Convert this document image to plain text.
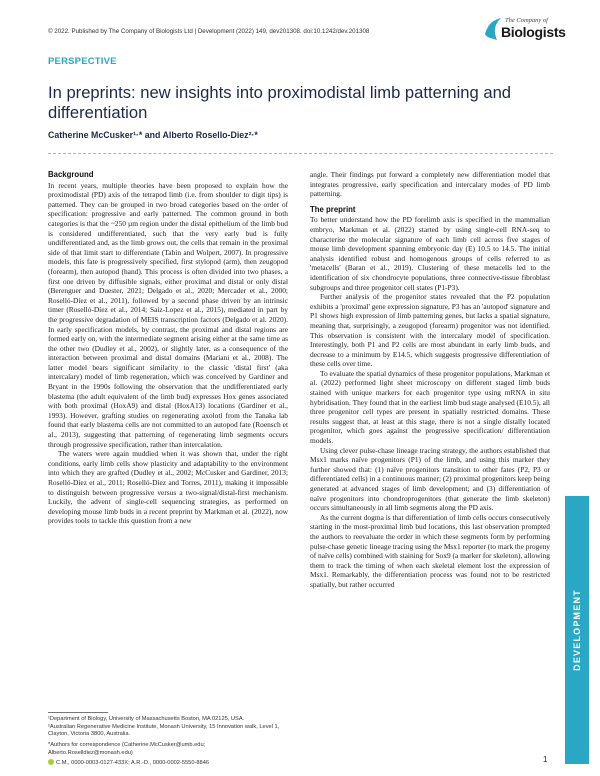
© 2022. Published by The Company of Biologists Ltd | Development (2022) 149, dev201308. doi:10.1242/dev.201308
The Company of
Biologists
PERSPECTIVE
In preprints: new insights into proximodistal limb patterning and differentiation
Catherine McCusker¹·* and Alberto Rosello-Diez²·*
Background

In recent years, multiple theories have been proposed to explain how the proximodistal (PD) axis of the tetrapod limb (i.e. from shoulder to digit tips) is patterned. They can be grouped in two broad categories based on the order of specification: progressive and early patterned. The common ground in both categories is that the ~250 µm region under the distal epithelium of the limb bud is considered undifferentiated, such that the very early bud is fully undifferentiated and, as the limb grows out, the cells that remain in the proximal side of that limit start to differentiate (Tabin and Wolpert, 2007). In progressive models, this fate is progressively specified, first stylopod (arm), then zeugopod (forearm), then autopod (hand). This process is often divided into two phases, a first one driven by diffusible signals, either proximal and distal or only distal (Berenguer and Duester, 2021; Delgado et al., 2020; Mercader et al., 2000; Roselló-Díez et al., 2011), followed by a second phase driven by an intrinsic timer (Roselló-Díez et al., 2014; Saiz-Lopez et al., 2015), mediated in part by the progressive degradation of MEIS transcription factors (Delgado et al. 2020). In early specification models, by contrast, the proximal and distal regions are formed early on, with the intermediate segment arising either at the same time as the other two (Dudley et al., 2002), or slightly later, as a consequence of the interaction between proximal and distal domains (Mariani et al., 2008). The latter model bears significant similarity to the classic 'distal first' (aka intercalary) model of limb regeneration, which was conceived by Gardiner and Bryant in the 1990s following the observation that the undifferentiated early blastema (the adult equivalent of the limb bud) expresses Hox genes associated with both proximal (HoxA9) and distal (HoxA13) locations (Gardiner et al., 1993). However, grafting studies on regenerating axolotl from the Tanaka lab found that early blastema cells are not committed to an autopod fate (Roensch et al., 2013), suggesting that patterning of regenerating limb segments occurs through progressive specification, rather than intercalation.

The waters were again muddied when it was shown that, under the right conditions, early limb cells show plasticity and adaptability to the environment into which they are grafted (Dudley et al., 2002; McCusker and Gardiner, 2013; Roselló-Díez et al., 2011; Roselló-Díez and Torres, 2011), making it impossible to distinguish between progressive versus a two-signal/distal-first mechanism. Luckily, the advent of single-cell sequencing strategies, as performed on developing mouse limb buds in a recent preprint by Markman et al. (2022), now provides tools to tackle this question from a new

¹Department of Biology, University of Massachusetts Boston, MA 02125, USA.
²Australian Regenerative Medicine Institute, Monash University, 15 Innovation walk, Level 1, Clayton, Victoria 3800, Australia.
*Authors for correspondence (Catherine.McCusker@umb.edu;
Alberto.Roselldiez@monash.edu)
C.M., 0000-0003-0127-433X; A.R.-D., 0000-0002-5550-8846

angle. Their findings put forward a completely new differentiation model that integrates progressive, early specification and intercalary modes of PD limb patterning.

The preprint

To better understand how the PD forelimb axis is specified in the mammalian embryo, Markman et al. (2022) started by using single-cell RNA-seq to characterise the molecular signature of each limb cell across five stages of mouse limb development spanning embryonic day (E) 10.5 to 14.5. The initial analysis identified robust and homogenous groups of cells referred to as 'metacells' (Baran et al., 2019). Clustering of these metacells led to the identification of six chondrocyte populations, three connective-tissue fibroblast subgroups and three progenitor cell states (P1-P3).

Further analysis of the progenitor states revealed that the P2 population exhibits a 'proximal' gene expression signature, P3 has an 'autopod' signature and P1 shows high expression of limb patterning genes, but lacks a spatial signature, meaning that, surprisingly, a zeugopod (forearm) progenitor was not identified. This observation is consistent with the intercalary model of specification. Interestingly, both P1 and P2 cells are most abundant in early limb buds, and decrease to a minimum by E14.5, which suggests progressive differentiation of these cells over time.

To evaluate the spatial dynamics of these progenitor populations, Markman et al. (2022) performed light sheet microscopy on different staged limb buds stained with unique markers for each progenitor type using mRNA in situ hybridisation. They found that in the earliest limb bud stage analysed (E10.5), all three progenitor cell types are present in spatially restricted domains. These results suggest that, at least at this stage, there is not a single distally located progenitor, which goes against the progressive specification/ differentiation models.

Using clever pulse-chase lineage tracing strategy, the authors established that Msx1 marks naïve progenitors (P1) of the limb, and using this marker they further showed that: (1) naïve progenitors transition to other fates (P2, P3 or differentiated cells) in a continuous manner; (2) proximal progenitors keep being generated at advanced stages of limb development; and (3) differentiation of naïve progenitors into chondroprogenitors (that generate the limb skeleton) occurs simultaneously in all limb segments along the PD axis.

As the current dogma is that differentiation of limb cells occurs consecutively starting in the most-proximal limb bud locations, this last observation prompted the authors to reevaluate the order in which these segments form by performing pulse-chase genetic lineage tracing using the Msx1 reporter (to mark the progeny of naïve cells) combined with staining for Sox9 (a marker for skeleton), allowing them to track the timing of when each skeletal element lost the expression of Msx1. Remarkably, the differentiation process was found not to be restricted spatially, but rather occurred

DEVELOPMENT
1
